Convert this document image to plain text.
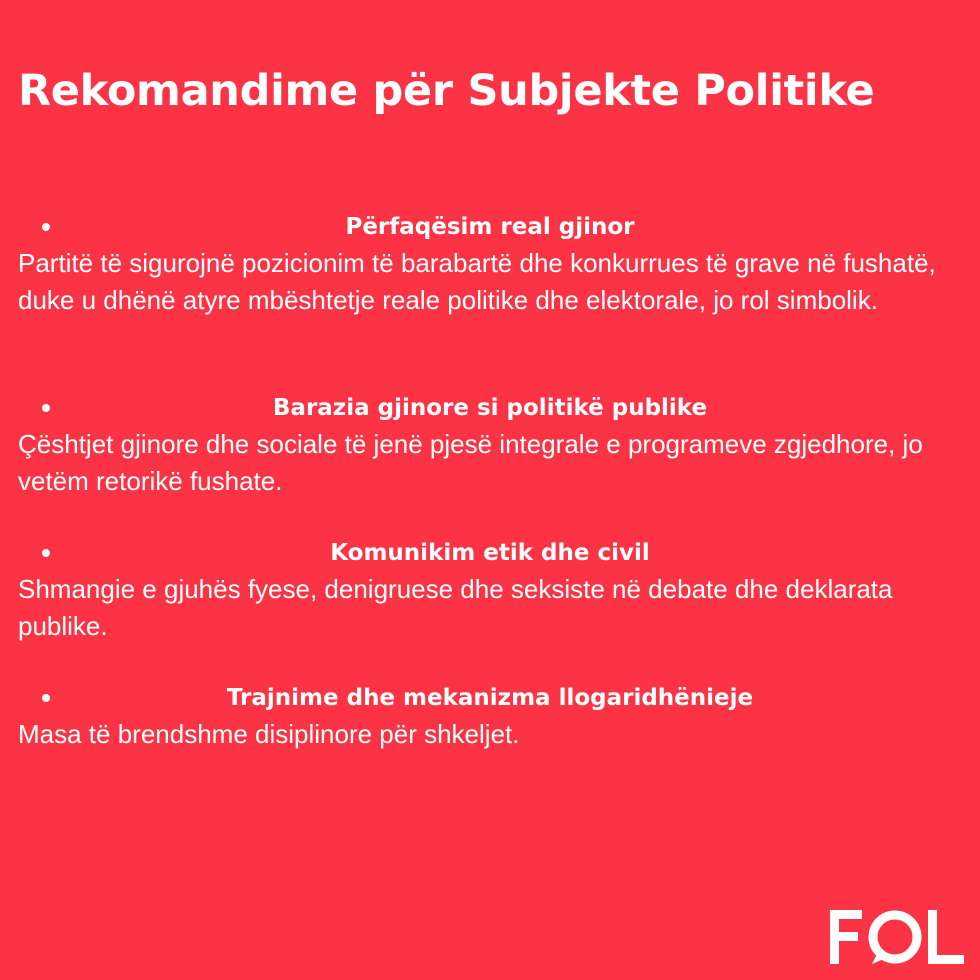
Rekomandime për Subjekte Politike
Përfaqësim real gjinor
Partitë të sigurojnë pozicionim të barabartë dhe konkurrues të grave në fushatë, duke u dhënë atyre mbështetje reale politike dhe elektorale, jo rol simbolik.
Barazia gjinore si politikë publike
Çështjet gjinore dhe sociale të jenë pjesë integrale e programeve zgjedhore, jo vetëm retorikë fushate.
Komunikim etik dhe civil
Shmangie e gjuhës fyese, denigruese dhe seksiste në debate dhe deklarata publike.
Trajnime dhe mekanizma llogaridhënieje
Masa të brendshme disiplinore për shkeljet.
